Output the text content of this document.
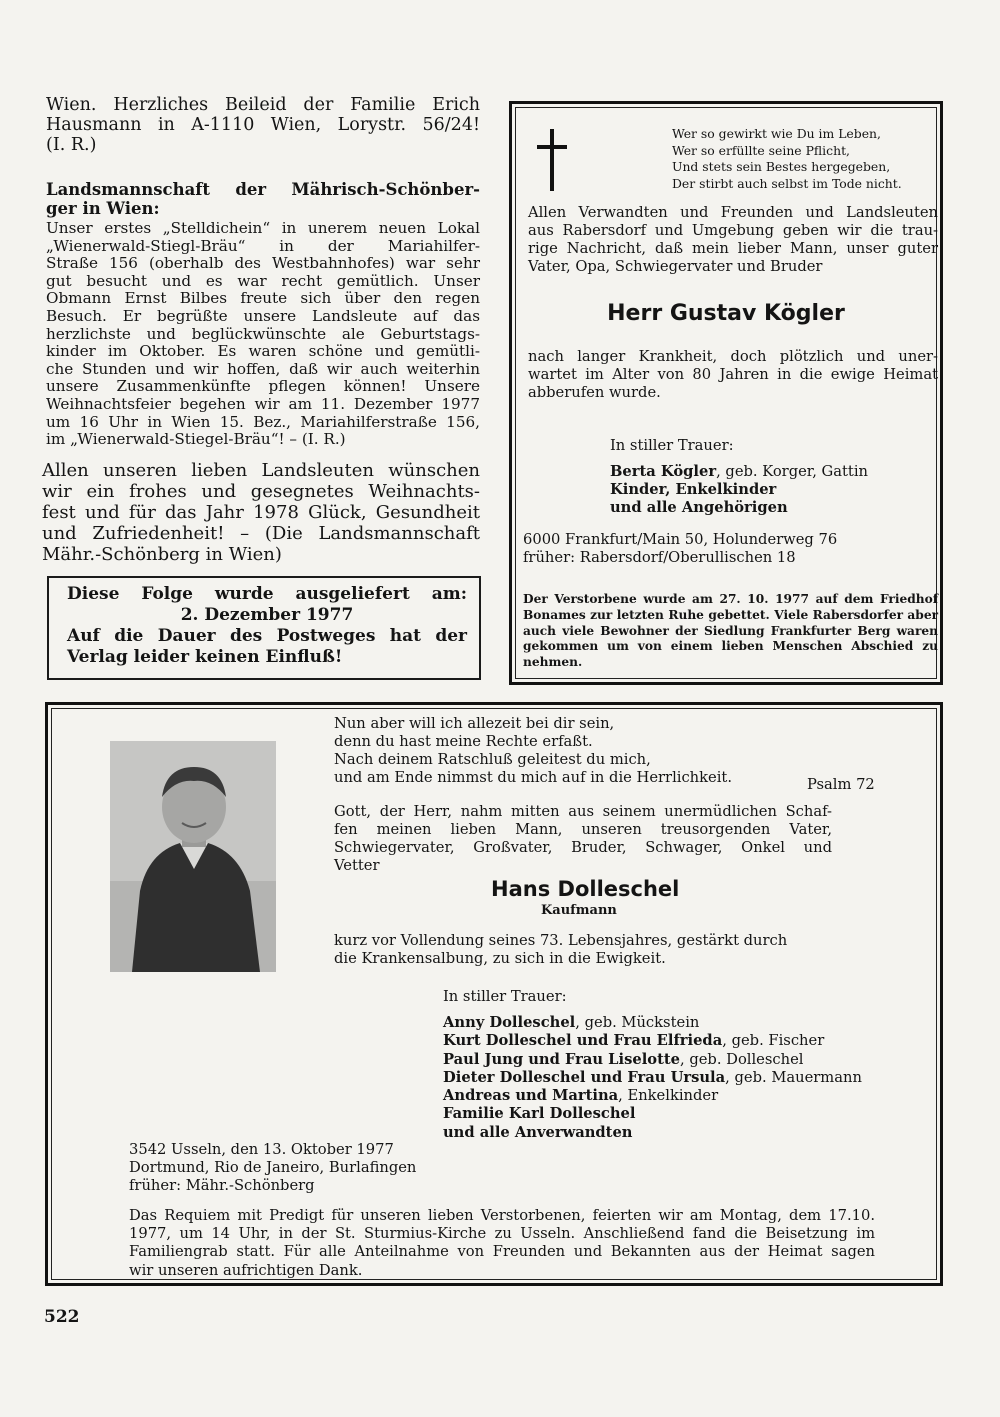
Wien. Herzliches Beileid der Familie Erich
Hausmann in A-1110 Wien, Lorystr. 56/24!
(I. R.)
Landsmannschaft der Mährisch-Schönber-
ger in Wien:
Unser erstes „Stelldichein“ in unerem neuen Lokal
„Wienerwald-Stiegl-Bräu“ in der Mariahilfer-
Straße 156 (oberhalb des Westbahnhofes) war sehr
gut besucht und es war recht gemütlich. Unser
Obmann Ernst Bilbes freute sich über den regen
Besuch. Er begrüßte unsere Landsleute auf das
herzlichste und beglückwünschte ale Geburtstags-
kinder im Oktober. Es waren schöne und gemütli-
che Stunden und wir hoffen, daß wir auch weiterhin
unsere Zusammenkünfte pflegen können! Unsere
Weihnachtsfeier begehen wir am 11. Dezember 1977
um 16 Uhr in Wien 15. Bez., Mariahilferstraße 156,
im „Wienerwald-Stiegel-Bräu“! – (I. R.)
Allen unseren lieben Landsleuten wünschen
wir ein frohes und gesegnetes Weihnachts-
fest und für das Jahr 1978 Glück, Gesundheit
und Zufriedenheit! – (Die Landsmannschaft
Mähr.-Schönberg in Wien)
Diese Folge wurde ausgeliefert am:
2. Dezember 1977
Auf die Dauer des Postweges hat der
Verlag leider keinen Einfluß!
Wer so gewirkt wie Du im Leben,
Wer so erfüllte seine Pflicht,
Und stets sein Bestes hergegeben,
Der stirbt auch selbst im Tode nicht.
Allen Verwandten und Freunden und Landsleuten
aus Rabersdorf und Umgebung geben wir die trau-
rige Nachricht, daß mein lieber Mann, unser guter
Vater, Opa, Schwiegervater und Bruder
Herr Gustav Kögler
nach langer Krankheit, doch plötzlich und uner-
wartet im Alter von 80 Jahren in die ewige Heimat
abberufen wurde.
In stiller Trauer:
Berta Kögler, geb. Korger, Gattin
Kinder, Enkelkinder
und alle Angehörigen
6000 Frankfurt/Main 50, Holunderweg 76
früher: Rabersdorf/Oberullischen 18
Der Verstorbene wurde am 27. 10. 1977 auf dem Friedhof
Bonames zur letzten Ruhe gebettet. Viele Rabersdorfer aber
auch viele Bewohner der Siedlung Frankfurter Berg waren
gekommen um von einem lieben Menschen Abschied zu
nehmen.
Nun aber will ich allezeit bei dir sein,
denn du hast meine Rechte erfaßt.
Nach deinem Ratschluß geleitest du mich,
und am Ende nimmst du mich auf in die Herrlichkeit.	Psalm 72
Gott, der Herr, nahm mitten aus seinem unermüdlichen Schaf-
fen meinen lieben Mann, unseren treusorgenden Vater,
Schwiegervater, Großvater, Bruder, Schwager, Onkel und
Vetter
Hans Dolleschel
Kaufmann
kurz vor Vollendung seines 73. Lebensjahres, gestärkt durch
die Krankensalbung, zu sich in die Ewigkeit.
In stiller Trauer:
Anny Dolleschel, geb. Mückstein
Kurt Dolleschel und Frau Elfrieda, geb. Fischer
Paul Jung und Frau Liselotte, geb. Dolleschel
Dieter Dolleschel und Frau Ursula, geb. Mauermann
Andreas und Martina, Enkelkinder
Familie Karl Dolleschel
und alle Anverwandten
3542 Usseln, den 13. Oktober 1977
Dortmund, Rio de Janeiro, Burlafingen
früher: Mähr.-Schönberg
Das Requiem mit Predigt für unseren lieben Verstorbenen, feierten wir am Montag, dem 17.10.
1977, um 14 Uhr, in der St. Sturmius-Kirche zu Usseln. Anschließend fand die Beisetzung im
Familiengrab statt. Für alle Anteilnahme von Freunden und Bekannten aus der Heimat sagen
wir unseren aufrichtigen Dank.
522
